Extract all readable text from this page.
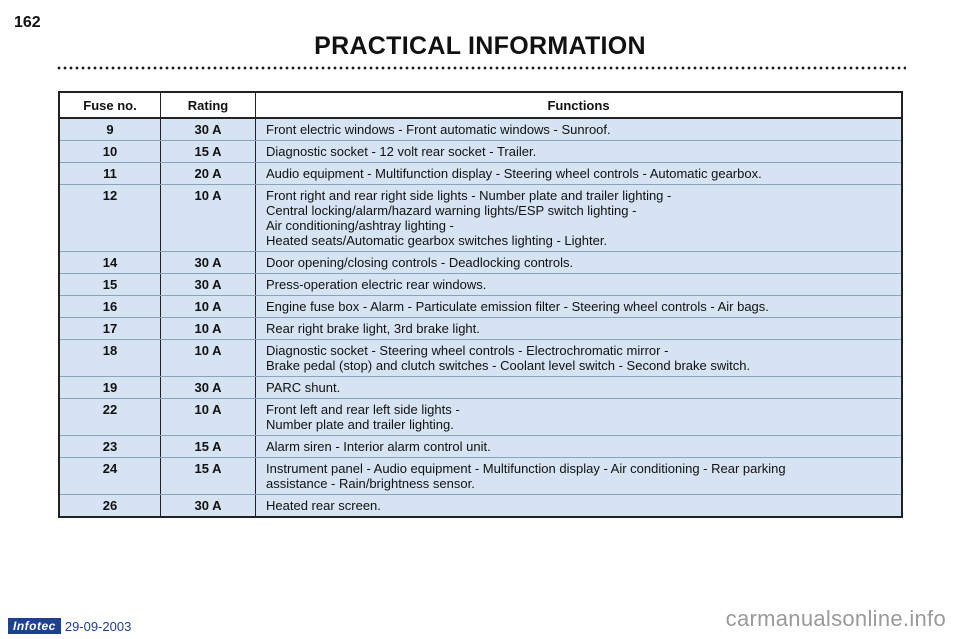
162
PRACTICAL INFORMATION
Fuse no.	Rating	Functions
9	30 A	Front electric windows - Front automatic windows - Sunroof.

10	15 A	Diagnostic socket - 12 volt rear socket - Trailer.

11	20 A	Audio equipment - Multifunction display - Steering wheel controls - Automatic gearbox.

12	10 A	Front right and rear right side lights - Number plate and trailer lighting -
Central locking/alarm/hazard warning lights/ESP switch lighting -
Air conditioning/ashtray lighting -
Heated seats/Automatic gearbox switches lighting - Lighter.

14	30 A	Door opening/closing controls - Deadlocking controls.

15	30 A	Press-operation electric rear windows.

16	10 A	Engine fuse box - Alarm - Particulate emission filter - Steering wheel controls - Air bags.

17	10 A	Rear right brake light, 3rd brake light.

18	10 A	Diagnostic socket - Steering wheel controls - Electrochromatic mirror -
Brake pedal (stop) and clutch switches - Coolant level switch - Second brake switch.

19	30 A	PARC shunt.

22	10 A	Front left and rear left side lights -
Number plate and trailer lighting.

23	15 A	Alarm siren - Interior alarm control unit.

24	15 A	Instrument panel - Audio equipment - Multifunction display - Air conditioning - Rear parking
assistance - Rain/brightness sensor.

26	30 A	Heated rear screen.
Infotec 29-09-2003	carmanualsonline.info
